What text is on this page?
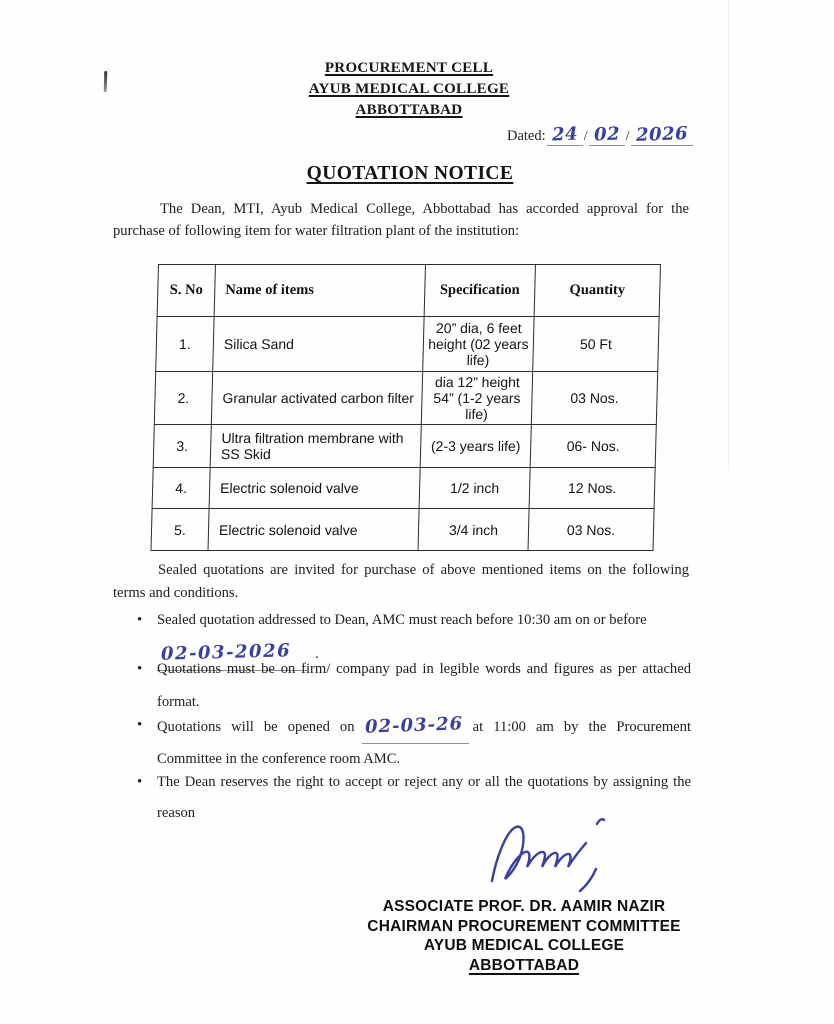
PROCUREMENT CELL
AYUB MEDICAL COLLEGE
ABBOTTABAD
Dated: 24 / 02 / 2026
QUOTATION NOTICE

The Dean, MTI, Ayub Medical College, Abbottabad has accorded approval for the purchase of following item for water filtration plant of the institution:

S. No	Name of items	Specification	Quantity
1.	Silica Sand	20” dia, 6 feet height (02 years life)	50 Ft
2.	Granular activated carbon filter	dia 12” height 54” (1-2 years life)	03 Nos.
3.	Ultra filtration membrane with SS Skid	(2-3 years life)	06- Nos.
4.	Electric solenoid valve	1/2 inch	12 Nos.
5.	Electric solenoid valve	3/4 inch	03 Nos.

Sealed quotations are invited for purchase of above mentioned items on the following terms and conditions.

• Sealed quotation addressed to Dean, AMC must reach before 10:30 am on or before
02-03-2026 .
• Quotations must be on firm/ company pad in legible words and figures as per attached format.
• Quotations will be opened on 02-03-26 at 11:00 am by the Procurement Committee in the conference room AMC.
• The Dean reserves the right to accept or reject any or all the quotations by assigning the reason
ASSOCIATE PROF. DR. AAMIR NAZIR
CHAIRMAN PROCUREMENT COMMITTEE
AYUB MEDICAL COLLEGE
ABBOTTABAD
